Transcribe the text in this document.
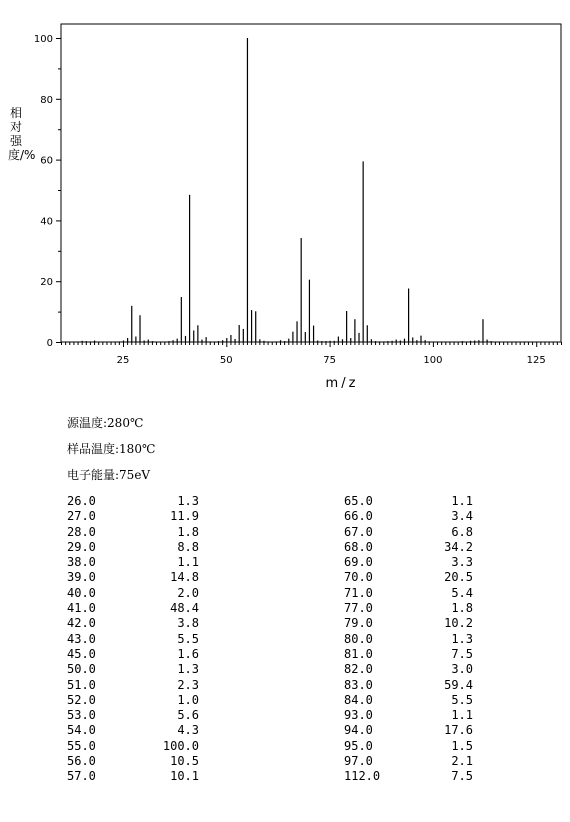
25	50	75	100	125
0
20
40
60
80
100
m/z
相对强度/%
源温度:280℃
样品温度:180℃
电子能量:75eV
26.0	1.3
27.0	11.9
28.0	1.8
29.0	8.8
38.0	1.1
39.0	14.8
40.0	2.0
41.0	48.4
42.0	3.8
43.0	5.5
45.0	1.6
50.0	1.3
51.0	2.3
52.0	1.0
53.0	5.6
54.0	4.3
55.0	100.0
56.0	10.5
57.0	10.1
65.0	1.1
66.0	3.4
67.0	6.8
68.0	34.2
69.0	3.3
70.0	20.5
71.0	5.4
77.0	1.8
79.0	10.2
80.0	1.3
81.0	7.5
82.0	3.0
83.0	59.4
84.0	5.5
93.0	1.1
94.0	17.6
95.0	1.5
97.0	2.1
112.0	7.5
